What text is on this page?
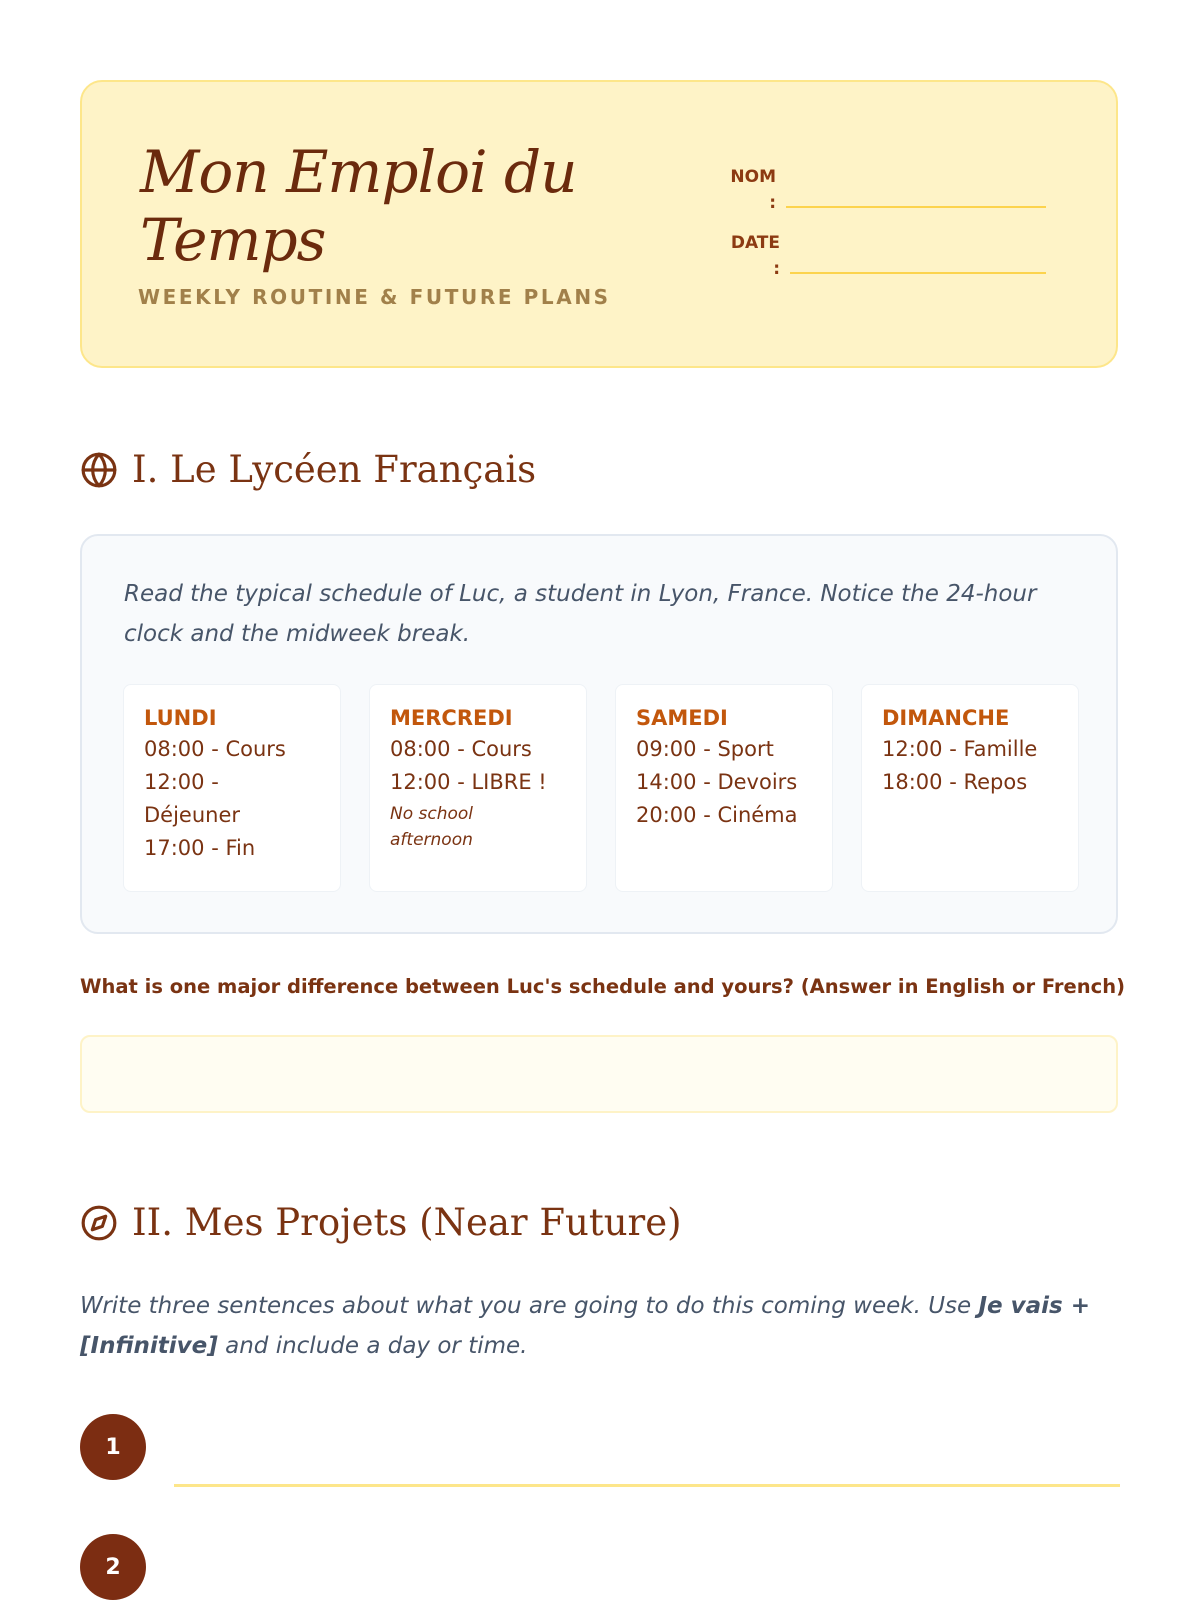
Mon Emploi du Temps
WEEKLY ROUTINE & FUTURE PLANS
NOM
:
DATE
:
I. Le Lycéen Français

Read the typical schedule of Luc, a student in Lyon, France. Notice the 24-hour clock and the midweek break.

LUNDI
08:00 - Cours
12:00 - Déjeuner
17:00 - Fin
MERCREDI
08:00 - Cours
12:00 - LIBRE !
No school afternoon
SAMEDI
09:00 - Sport
14:00 - Devoirs
20:00 - Cinéma
DIMANCHE
12:00 - Famille
18:00 - Repos

What is one major difference between Luc's schedule and yours? (Answer in English or French)

II. Mes Projets (Near Future)

Write three sentences about what you are going to do this coming week. Use Je vais + [Infinitive] and include a day or time.

1
2
